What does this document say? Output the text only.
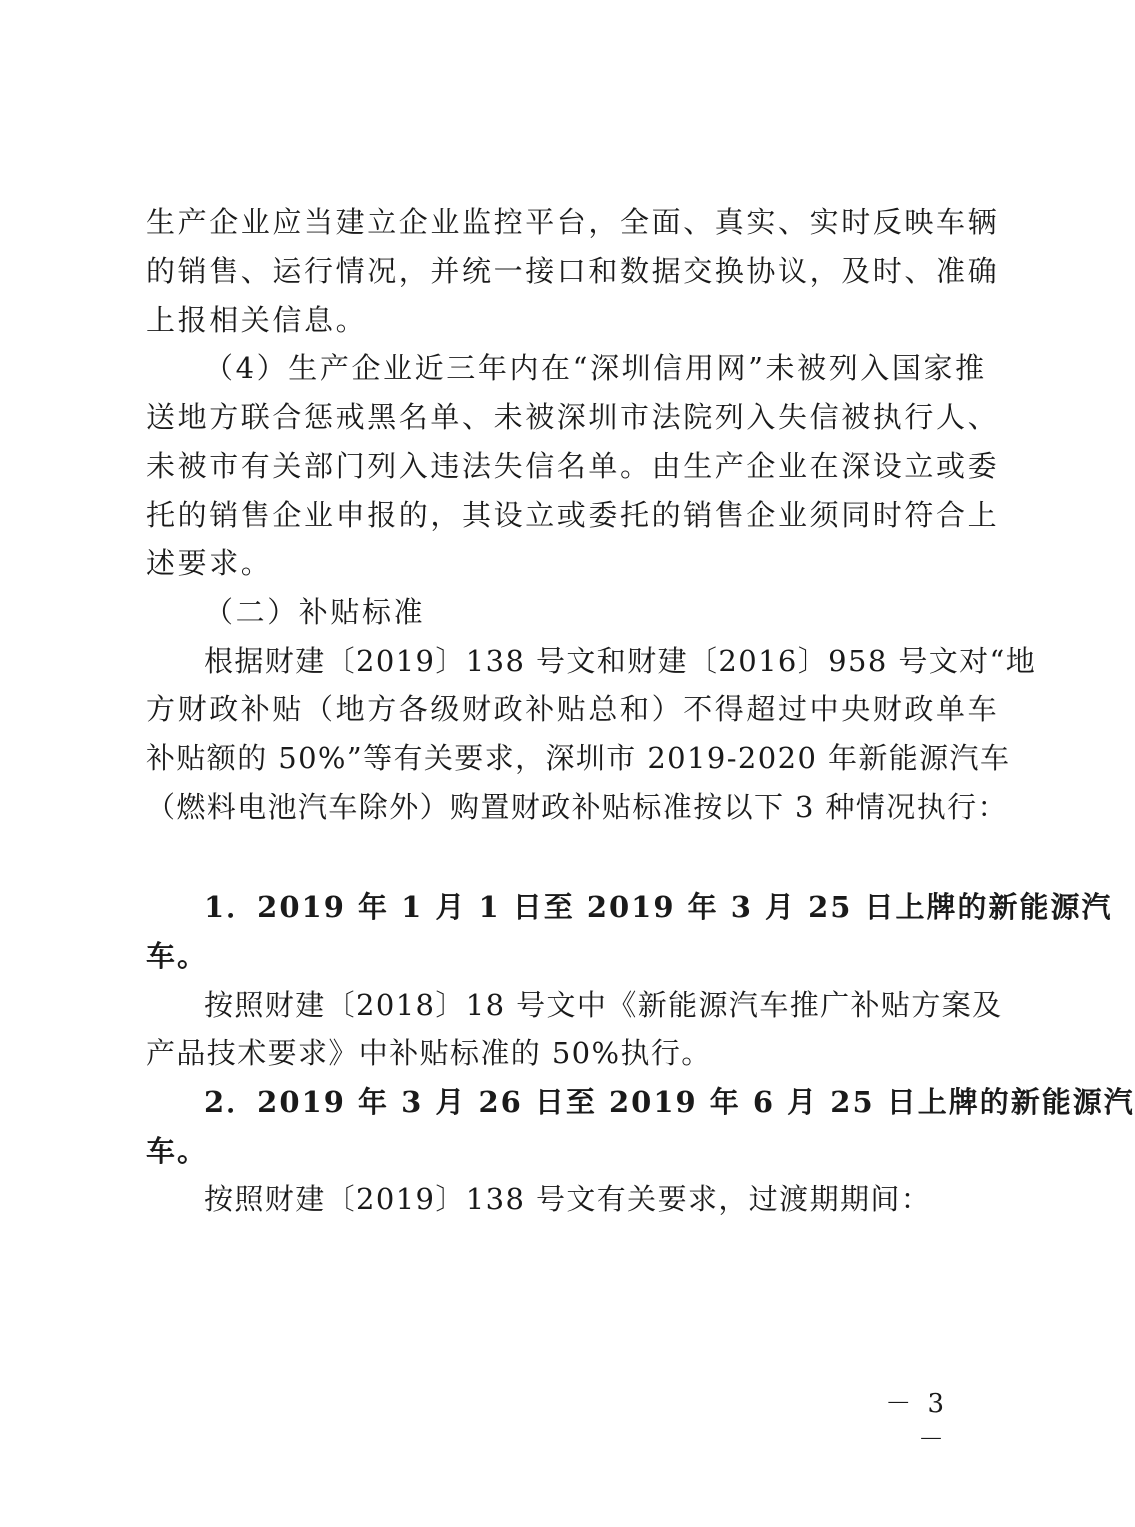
生产企业应当建立企业监控平台，全面、真实、实时反映车辆
的销售、运行情况，并统一接口和数据交换协议，及时、准确
上报相关信息。
（4）生产企业近三年内在“深圳信用网”未被列入国家推
送地方联合惩戒黑名单、未被深圳市法院列入失信被执行人、
未被市有关部门列入违法失信名单。由生产企业在深设立或委
托的销售企业申报的，其设立或委托的销售企业须同时符合上
述要求。
（二）补贴标准
根据财建〔2019〕138 号文和财建〔2016〕958 号文对“地
方财政补贴（地方各级财政补贴总和）不得超过中央财政单车
补贴额的 50%”等有关要求，深圳市 2019-2020 年新能源汽车
（燃料电池汽车除外）购置财政补贴标准按以下 3 种情况执行：
1．2019 年 1 月 1 日至 2019 年 3 月 25 日上牌的新能源汽
车。
按照财建〔2018〕18 号文中《新能源汽车推广补贴方案及
产品技术要求》中补贴标准的 50%执行。
2．2019 年 3 月 26 日至 2019 年 6 月 25 日上牌的新能源汽
车。
按照财建〔2019〕138 号文有关要求，过渡期期间：
－ 3 －
